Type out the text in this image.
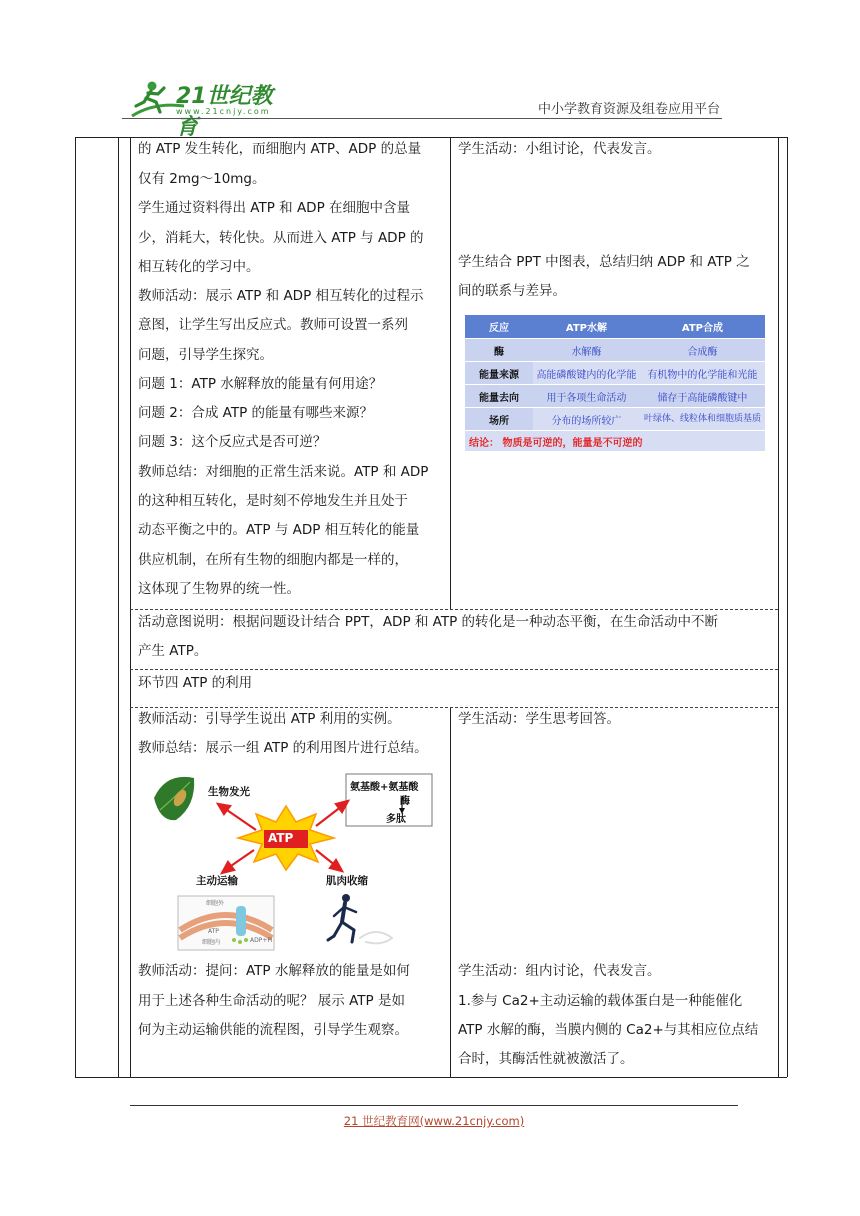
21世纪教育
www.21cnjy.com	中小学教育资源及组卷应用平台
的 ATP 发生转化，而细胞内 ATP、ADP 的总量
仅有 2mg～10mg。
学生通过资料得出 ATP 和 ADP 在细胞中含量
少，消耗大，转化快。从而进入 ATP 与 ADP 的
相互转化的学习中。
教师活动：展示 ATP 和 ADP 相互转化的过程示
意图，让学生写出反应式。教师可设置一系列
问题，引导学生探究。
问题 1：ATP 水解释放的能量有何用途？
问题 2：合成 ATP 的能量有哪些来源？
问题 3：这个反应式是否可逆？
教师总结：对细胞的正常生活来说。ATP 和 ADP
的这种相互转化，是时刻不停地发生并且处于
动态平衡之中的。ATP 与 ADP 相互转化的能量
供应机制，在所有生物的细胞内都是一样的，
这体现了生物界的统一性。
学生活动：小组讨论，代表发言。
学生结合 PPT 中图表，总结归纳 ADP 和 ATP 之
间的联系与差异。
反应	ATP水解	ATP合成
酶	水解酶	合成酶
能量来源	高能磷酸键内的化学能	有机物中的化学能和光能
能量去向	用于各项生命活动	储存于高能磷酸键中
场所	分布的场所较广	叶绿体、线粒体和细胞质基质
结论： 物质是可逆的，能量是不可逆的		
活动意图说明：根据问题设计结合 PPT，ADP 和 ATP 的转化是一种动态平衡，在生命活动中不断
产生 ATP。
环节四 ATP 的利用
教师活动：引导学生说出 ATP 利用的实例。
教师总结：展示一组 ATP 的利用图片进行总结。
学生活动：学生思考回答。
生物发光	氨基酸+氨基酸
酶
多肽
ATP
主动运输	肌肉收缩
细胞外
细胞内
ATP
ADP+Pi
教师活动：提问：ATP 水解释放的能量是如何
用于上述各种生命活动的呢？ 展示 ATP 是如
何为主动运输供能的流程图，引导学生观察。
学生活动：组内讨论，代表发言。
1.参与 Ca2+主动运输的载体蛋白是一种能催化
ATP 水解的酶，当膜内侧的 Ca2+与其相应位点结
合时，其酶活性就被激活了。
21 世纪教育网(www.21cnjy.com)
